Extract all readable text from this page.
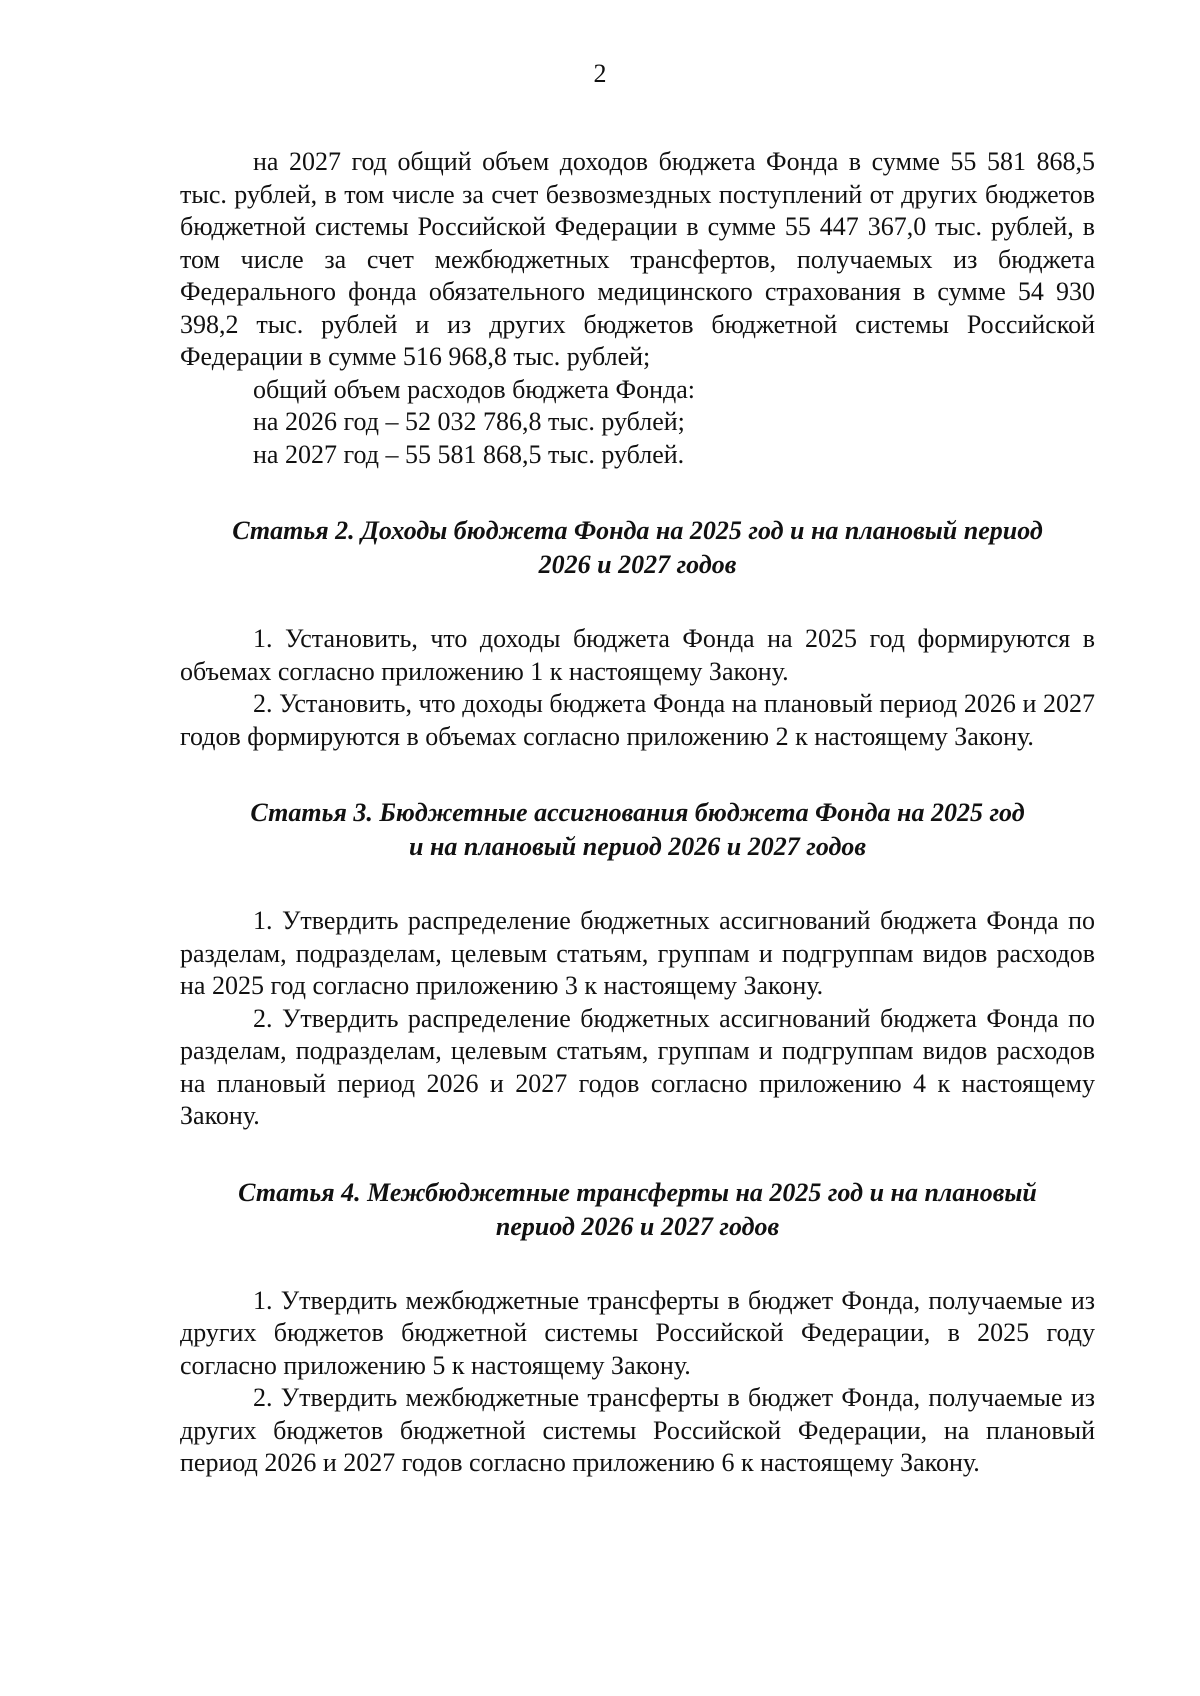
2

на 2027 год общий объем доходов бюджета Фонда в сумме 55 581 868,5 тыс. рублей, в том числе за счет безвозмездных поступлений от других бюджетов бюджетной системы Российской Федерации в сумме 55 447 367,0 тыс. рублей, в том числе за счет межбюджетных трансфертов, получаемых из бюджета Федерального фонда обязательного медицинского страхования в сумме 54 930 398,2 тыс. рублей и из других бюджетов бюджетной системы Российской Федерации в сумме 516 968,8 тыс. рублей;

общий объем расходов бюджета Фонда:

на 2026 год – 52 032 786,8 тыс. рублей;

на 2027 год – 55 581 868,5 тыс. рублей.

Статья 2. Доходы бюджета Фонда на 2025 год и на плановый период
2026 и 2027 годов

1. Установить, что доходы бюджета Фонда на 2025 год формируются в объемах согласно приложению 1 к настоящему Закону.

2. Установить, что доходы бюджета Фонда на плановый период 2026 и 2027 годов формируются в объемах согласно приложению 2 к настоящему Закону.

Статья 3. Бюджетные ассигнования бюджета Фонда на 2025 год
и на плановый период 2026 и 2027 годов

1. Утвердить распределение бюджетных ассигнований бюджета Фонда по разделам, подразделам, целевым статьям, группам и подгруппам видов расходов на 2025 год согласно приложению 3 к настоящему Закону.

2. Утвердить распределение бюджетных ассигнований бюджета Фонда по разделам, подразделам, целевым статьям, группам и подгруппам видов расходов на плановый период 2026 и 2027 годов согласно приложению 4 к настоящему Закону.

Статья 4. Межбюджетные трансферты на 2025 год и на плановый
период 2026 и 2027 годов

1. Утвердить межбюджетные трансферты в бюджет Фонда, получаемые из других бюджетов бюджетной системы Российской Федерации, в 2025 году согласно приложению 5 к настоящему Закону.

2. Утвердить межбюджетные трансферты в бюджет Фонда, получаемые из других бюджетов бюджетной системы Российской Федерации, на плановый период 2026 и 2027 годов согласно приложению 6 к настоящему Закону.
